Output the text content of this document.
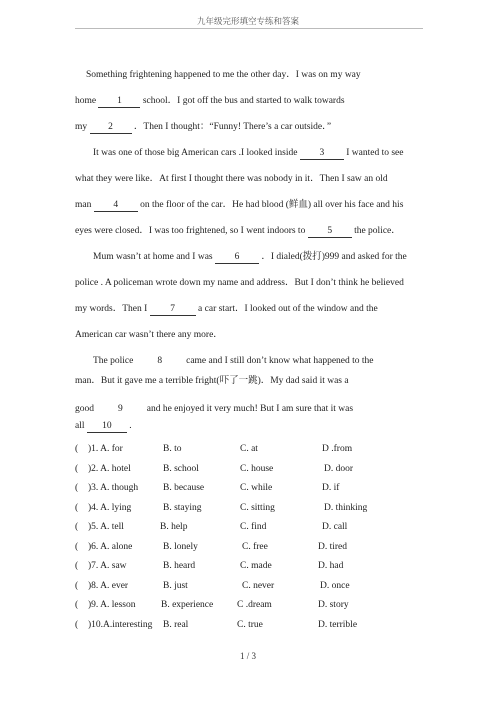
九年级完形填空专练和答案
Something frightening happened to me the other day．I was on my way
home 1 school．I got off the bus and started to walk towards
my 2 ．Then I thought：“Funny! There’s a car outside．”
It was one of those big American cars .I looked inside 3 I wanted to see
what they were like．At first I thought there was nobody in it．Then I saw an old
man 4 on the floor of the car．He had blood (鲜血) all over his face and his
eyes were closed．I was too frightened, so I went indoors to 5 the police．
Mum wasn’t at home and I was 6 ．I dialed(拨打)999 and asked for the
police . A policeman wrote down my name and address．But I don’t think he believed
my words．Then I 7 a car start．I looked out of the window and the
American car wasn’t there any more．
The police	8	came and I still don’t know what happened to the
man．But it gave me a terrible fright(吓了一跳)．My dad said it was a
good	9	and he enjoyed it very much! But I am sure that it was
all 10 .
( )1. A. for	B. to	C. at	D .from
( )2. A. hotel	B. school	C. house	D. door
( )3. A. though	B. because	C. while	D. if
( )4. A. lying	B. staying	C. sitting	D. thinking
( )5. A. tell	B. help	C. find	D. call
( )6. A. alone	B. lonely	C. free	D. tired
( )7. A. saw	B. heard	C. made	D. had
( )8. A. ever	B. just	C. never	D. once
( )9. A. lesson	B. experience	C .dream	D. story
( )10.A.interesting B. real	C. true	D. terrible
1 / 3
